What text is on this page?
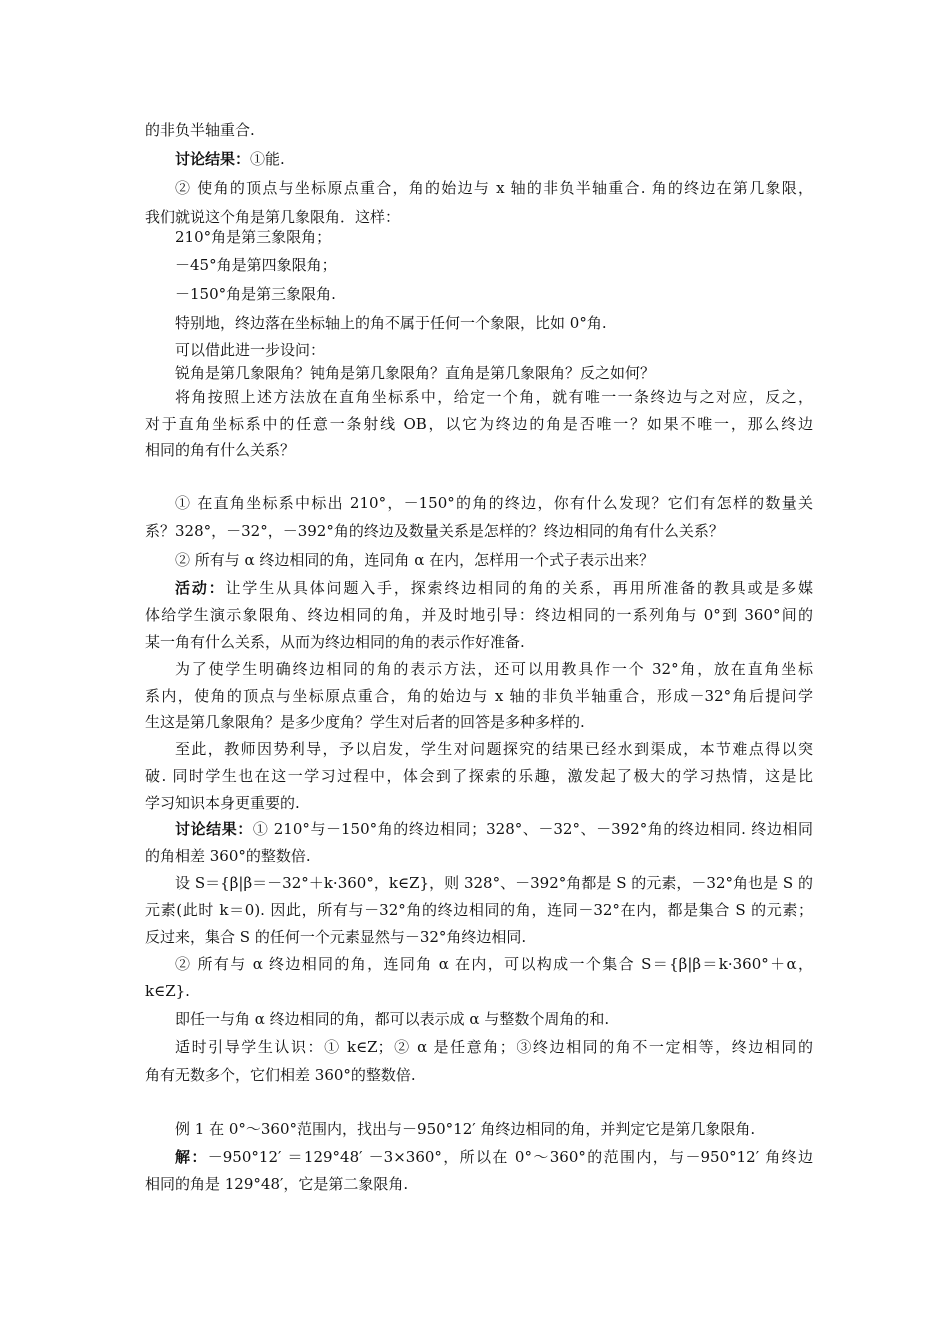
的非负半轴重合.

讨论结果：①能.

② 使角的顶点与坐标原点重合，角的始边与 x 轴的非负半轴重合. 角的终边在第几象限，

我们就说这个角是第几象限角．这样：

210°角是第三象限角；

－45°角是第四象限角；

－150°角是第三象限角.

特别地，终边落在坐标轴上的角不属于任何一个象限，比如 0°角.

可以借此进一步设问：

锐角是第几象限角？钝角是第几象限角？直角是第几象限角？反之如何？

将角按照上述方法放在直角坐标系中，给定一个角，就有唯一一条终边与之对应，反之，

对于直角坐标系中的任意一条射线 OB，以它为终边的角是否唯一？如果不唯一，那么终边

相同的角有什么关系？

① 在直角坐标系中标出 210°，－150°的角的终边，你有什么发现？它们有怎样的数量关

系？328°，－32°，－392°角的终边及数量关系是怎样的？终边相同的角有什么关系？

② 所有与 α 终边相同的角，连同角 α 在内，怎样用一个式子表示出来？

活动：让学生从具体问题入手，探索终边相同的角的关系，再用所准备的教具或是多媒

体给学生演示象限角、终边相同的角，并及时地引导：终边相同的一系列角与 0°到 360°间的

某一角有什么关系，从而为终边相同的角的表示作好准备.

为了使学生明确终边相同的角的表示方法，还可以用教具作一个 32°角，放在直角坐标

系内，使角的顶点与坐标原点重合，角的始边与 x 轴的非负半轴重合，形成－32°角后提问学

生这是第几象限角？是多少度角？学生对后者的回答是多种多样的.

至此，教师因势利导，予以启发，学生对问题探究的结果已经水到渠成，本节难点得以突

破. 同时学生也在这一学习过程中，体会到了探索的乐趣，激发起了极大的学习热情，这是比

学习知识本身更重要的.

讨论结果：① 210°与－150°角的终边相同；328°、－32°、－392°角的终边相同. 终边相同

的角相差 360°的整数倍.

设 S＝{β|β＝－32°＋k·360°，k∈Z}，则 328°、－392°角都是 S 的元素，－32°角也是 S 的

元素(此时 k＝0). 因此，所有与－32°角的终边相同的角，连同－32°在内，都是集合 S 的元素；

反过来，集合 S 的任何一个元素显然与－32°角终边相同.

② 所有与 α 终边相同的角，连同角 α 在内，可以构成一个集合 S＝{β|β＝k·360°＋α，

k∈Z}.

即任一与角 α 终边相同的角，都可以表示成 α 与整数个周角的和.

适时引导学生认识：① k∈Z；② α 是任意角；③终边相同的角不一定相等，终边相同的

角有无数多个，它们相差 360°的整数倍.

例 1 在 0°～360°范围内，找出与－950°12′ 角终边相同的角，并判定它是第几象限角.

解：－950°12′ ＝129°48′ －3×360°，所以在 0°～360°的范围内，与－950°12′ 角终边

相同的角是 129°48′，它是第二象限角.
